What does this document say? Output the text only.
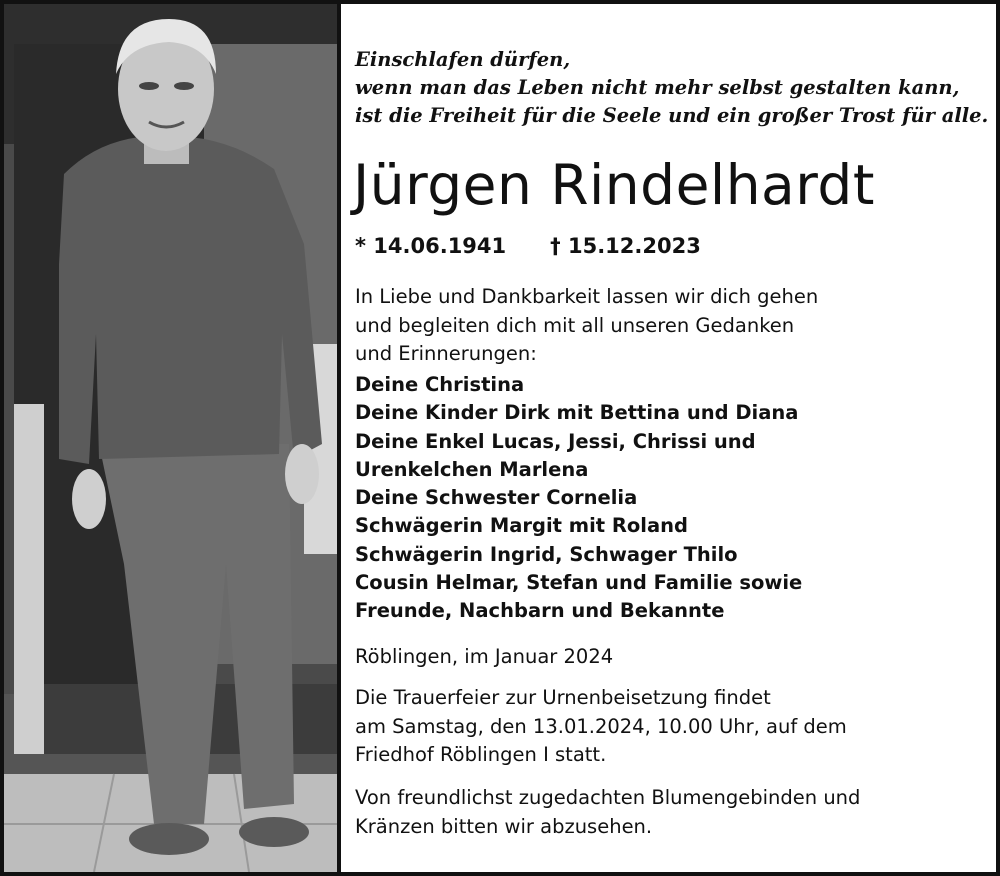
Einschlafen dürfen,
wenn man das Leben nicht mehr selbst gestalten kann,
ist die Freiheit für die Seele und ein großer Trost für alle.
Jürgen Rindelhardt
* 14.06.1941 † 15.12.2023
In Liebe und Dankbarkeit lassen wir dich gehen
und begleiten dich mit all unseren Gedanken
und Erinnerungen:
Deine Christina
Deine Kinder Dirk mit Bettina und Diana
Deine Enkel Lucas, Jessi, Chrissi und
Urenkelchen Marlena
Deine Schwester Cornelia
Schwägerin Margit mit Roland
Schwägerin Ingrid, Schwager Thilo
Cousin Helmar, Stefan und Familie sowie
Freunde, Nachbarn und Bekannte
Röblingen, im Januar 2024
Die Trauerfeier zur Urnenbeisetzung findet
am Samstag, den 13.01.2024, 10.00 Uhr, auf dem
Friedhof Röblingen I statt.
Von freundlichst zugedachten Blumengebinden und
Kränzen bitten wir abzusehen.
